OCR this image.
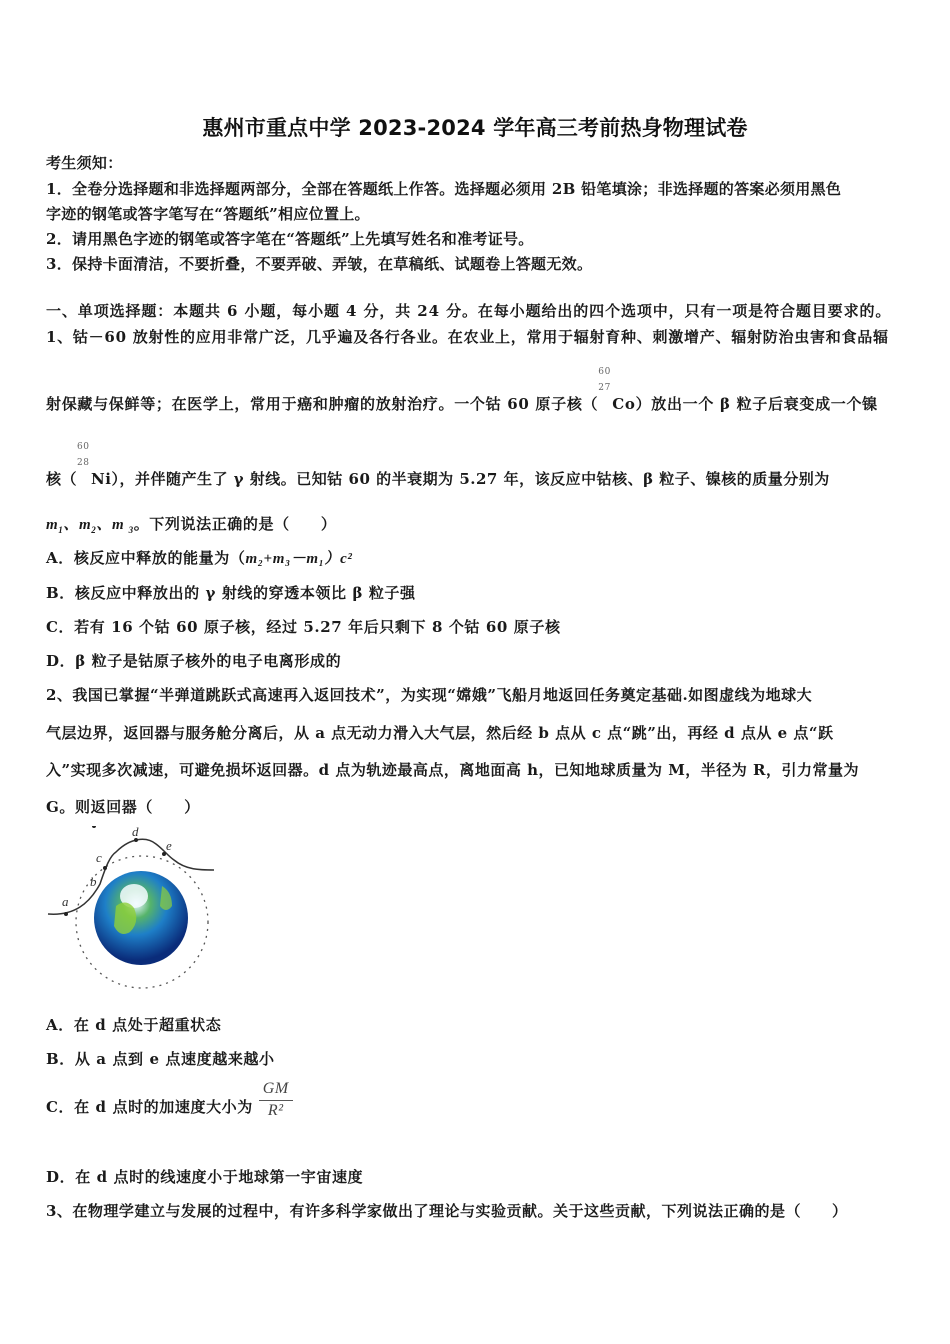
惠州市重点中学 2023-2024 学年高三考前热身物理试卷
考生须知：
1．全卷分选择题和非选择题两部分，全部在答题纸上作答。选择题必须用 2B 铅笔填涂；非选择题的答案必须用黑色
字迹的钢笔或答字笔写在“答题纸”相应位置上。
2．请用黑色字迹的钢笔或答字笔在“答题纸”上先填写姓名和准考证号。
3．保持卡面清洁，不要折叠，不要弄破、弄皱，在草稿纸、试题卷上答题无效。
一、单项选择题：本题共 6 小题，每小题 4 分，共 24 分。在每小题给出的四个选项中，只有一项是符合题目要求的。
1、钴－60 放射性的应用非常广泛，几乎遍及各行各业。在农业上，常用于辐射育种、刺激增产、辐射防治虫害和食品辐
射保藏与保鲜等；在医学上，常用于癌和肿瘤的放射治疗。一个钴 60 原子核（
60
27
Co）放出一个 β 粒子后衰变成一个镍
核（
60
28
Ni），并伴随产生了 γ 射线。已知钴 60 的半衰期为 5.27 年，该反应中钴核、β 粒子、镍核的质量分别为
$m_1$、$m_2$、m $_3$。下列说法正确的是（　　）
A．核反应中释放的能量为（m₂+m₃－m₁）c²
B．核反应中释放出的 γ 射线的穿透本领比 β 粒子强
C．若有 16 个钴 60 原子核，经过 5.27 年后只剩下 8 个钴 60 原子核
D．β 粒子是钴原子核外的电子电离形成的
2、我国已掌握“半弹道跳跃式高速再入返回技术”，为实现“嫦娥”飞船月地返回任务奠定基础.如图虚线为地球大
气层边界，返回器与服务舱分离后，从 a 点无动力滑入大气层，然后经 b 点从 c 点“跳”出，再经 d 点从 e 点“跃
入”实现多次减速，可避免损坏返回器。d 点为轨迹最高点，离地面高 h，已知地球质量为 M，半径为 R，引力常量为
G。则返回器（　　）
a
b
c
d
e
A．在 d 点处于超重状态
B．从 a 点到 e 点速度越来越小
C．在 d 点时的加速度大小为 $\frac{GM}{\text{R²}}$
D．在 d 点时的线速度小于地球第一宇宙速度
3、在物理学建立与发展的过程中，有许多科学家做出了理论与实验贡献。关于这些贡献，下列说法正确的是（　　）
